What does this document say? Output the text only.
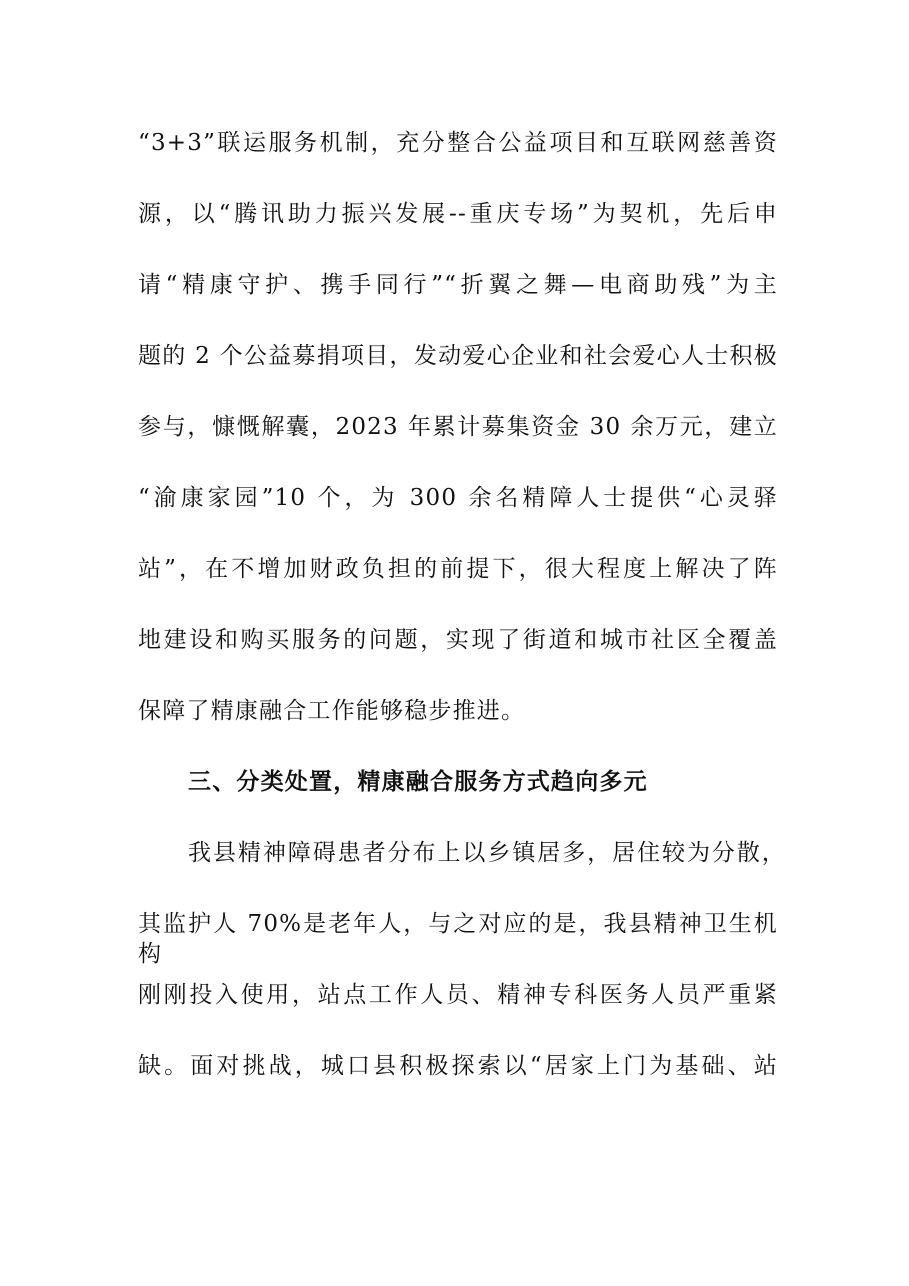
“3+3”联运服务机制，充分整合公益项目和互联网慈善资
源，以“腾讯助力振兴发展--重庆专场”为契机，先后申
请“精康守护、携手同行”“折翼之舞—电商助残”为主
题的 2 个公益募捐项目，发动爱心企业和社会爱心人士积极
参与，慷慨解囊，2023 年累计募集资金 30 余万元，建立
“渝康家园”10 个，为 300 余名精障人士提供“心灵驿
站”，在不增加财政负担的前提下，很大程度上解决了阵
地建设和购买服务的问题，实现了街道和城市社区全覆盖
保障了精康融合工作能够稳步推进。
三、分类处置，精康融合服务方式趋向多元
我县精神障碍患者分布上以乡镇居多，居住较为分散，
其监护人 70%是老年人，与之对应的是，我县精神卫生机构
刚刚投入使用，站点工作人员、精神专科医务人员严重紧
缺。面对挑战，城口县积极探索以“居家上门为基础、站
